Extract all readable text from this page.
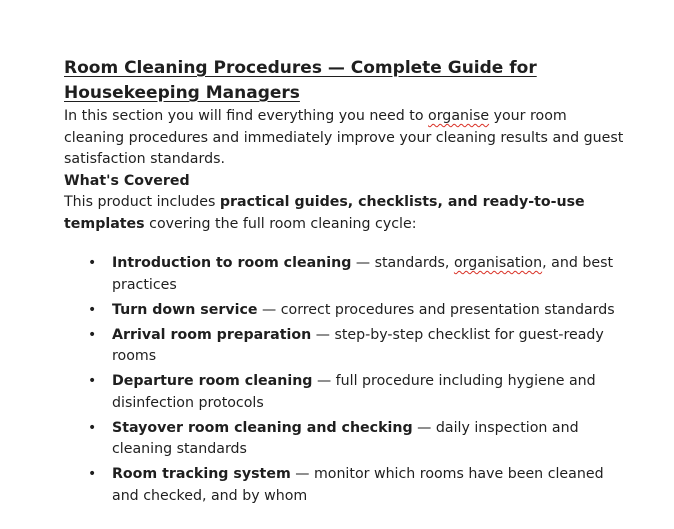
Room Cleaning Procedures — Complete Guide for Housekeeping Managers

In this section you will find everything you need to organise your room cleaning procedures and immediately improve your cleaning results and guest satisfaction standards.

What's Covered

This product includes practical guides, checklists, and ready-to-use templates covering the full room cleaning cycle:

• Introduction to room cleaning — standards, organisation, and best practices
• Turn down service — correct procedures and presentation standards
• Arrival room preparation — step-by-step checklist for guest-ready rooms
• Departure room cleaning — full procedure including hygiene and disinfection protocols
• Stayover room cleaning and checking — daily inspection and cleaning standards
• Room tracking system — monitor which rooms have been cleaned and checked, and by whom
